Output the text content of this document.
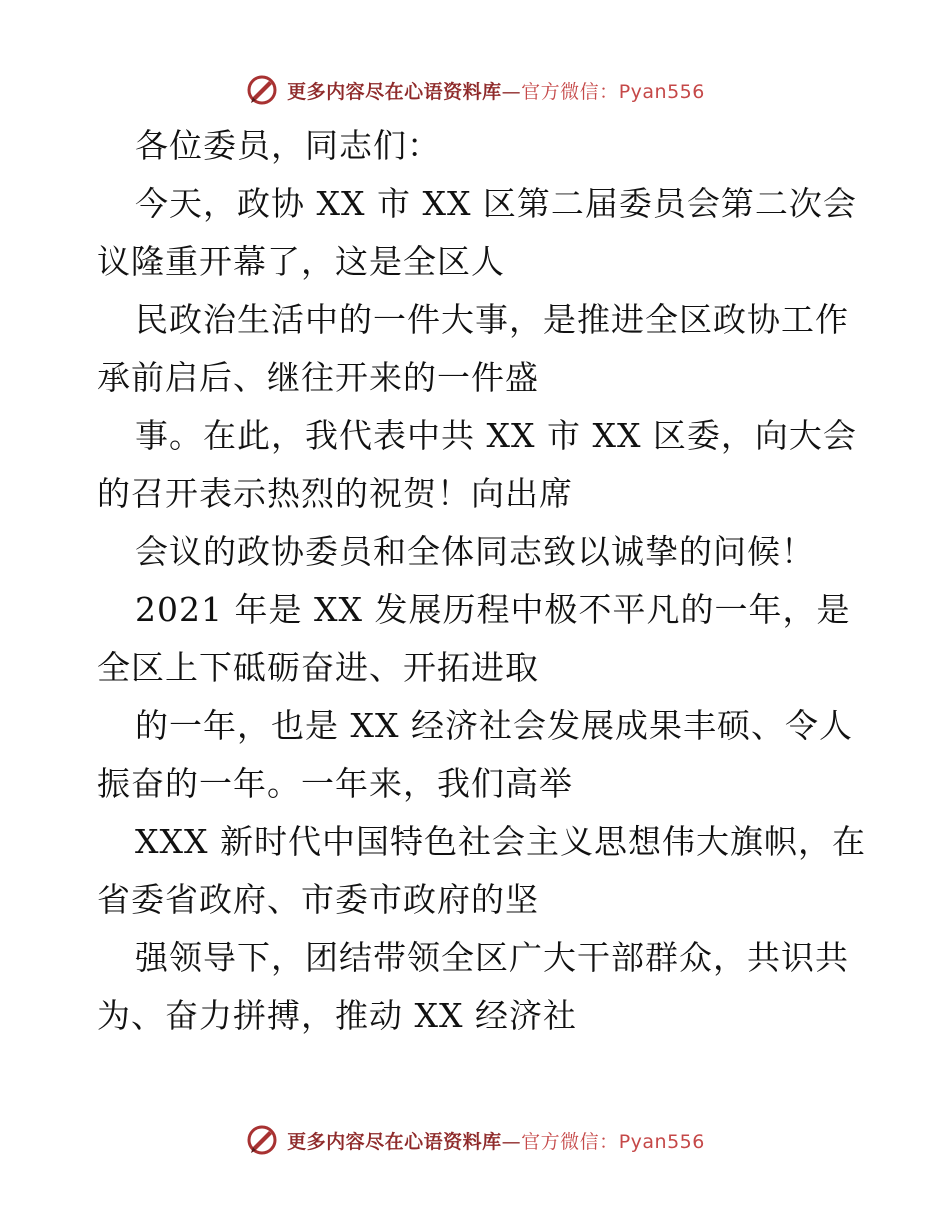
更多内容尽在心语资料库—官方微信：Pyan556
各位委员，同志们：
今天，政协 XX 市 XX 区第二届委员会第二次会
议隆重开幕了，这是全区人
民政治生活中的一件大事，是推进全区政协工作
承前启后、继往开来的一件盛
事。在此，我代表中共 XX 市 XX 区委，向大会
的召开表示热烈的祝贺！向出席
会议的政协委员和全体同志致以诚挚的问候！
2021 年是 XX 发展历程中极不平凡的一年，是
全区上下砥砺奋进、开拓进取
的一年，也是 XX 经济社会发展成果丰硕、令人
振奋的一年。一年来，我们高举
XXX 新时代中国特色社会主义思想伟大旗帜，在
省委省政府、市委市政府的坚
强领导下，团结带领全区广大干部群众，共识共
为、奋力拼搏，推动 XX 经济社
更多内容尽在心语资料库—官方微信：Pyan556
